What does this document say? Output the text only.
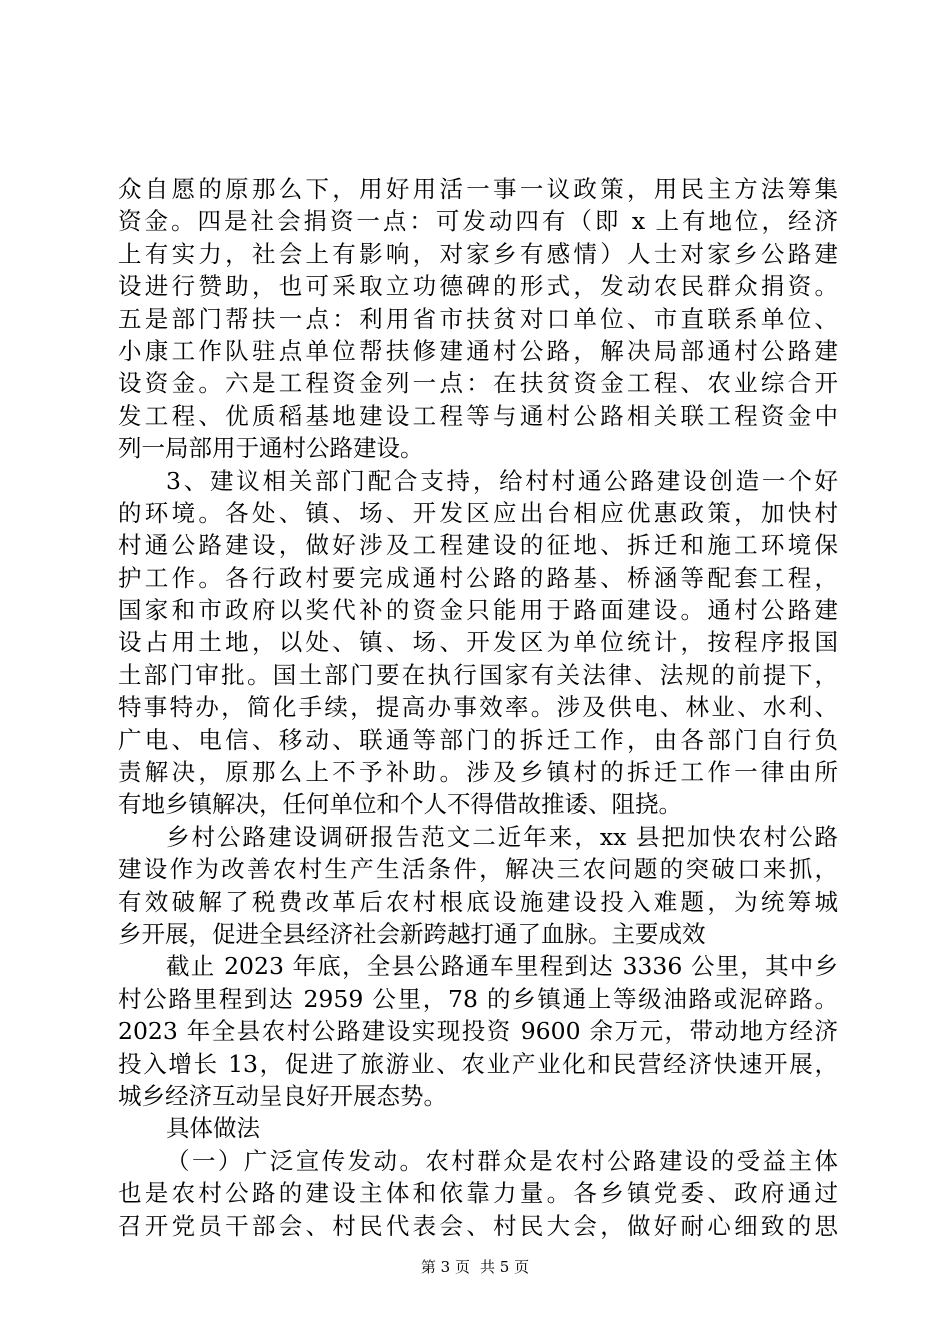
众自愿的原那么下，用好用活一事一议政策，用民主方法筹集
资金。四是社会捐资一点：可发动四有（即 x 上有地位，经济
上有实力，社会上有影响，对家乡有感情）人士对家乡公路建
设进行赞助，也可采取立功德碑的形式，发动农民群众捐资。
五是部门帮扶一点：利用省市扶贫对口单位、市直联系单位、
小康工作队驻点单位帮扶修建通村公路，解决局部通村公路建
设资金。六是工程资金列一点：在扶贫资金工程、农业综合开
发工程、优质稻基地建设工程等与通村公路相关联工程资金中
列一局部用于通村公路建设。
3、建议相关部门配合支持，给村村通公路建设创造一个好
的环境。各处、镇、场、开发区应出台相应优惠政策，加快村
村通公路建设，做好涉及工程建设的征地、拆迁和施工环境保
护工作。各行政村要完成通村公路的路基、桥涵等配套工程，
国家和市政府以奖代补的资金只能用于路面建设。通村公路建
设占用土地，以处、镇、场、开发区为单位统计，按程序报国
土部门审批。国土部门要在执行国家有关法律、法规的前提下，
特事特办，简化手续，提高办事效率。涉及供电、林业、水利、
广电、电信、移动、联通等部门的拆迁工作，由各部门自行负
责解决，原那么上不予补助。涉及乡镇村的拆迁工作一律由所
有地乡镇解决，任何单位和个人不得借故推诿、阻挠。
乡村公路建设调研报告范文二近年来，xx 县把加快农村公路
建设作为改善农村生产生活条件，解决三农问题的突破口来抓，
有效破解了税费改革后农村根底设施建设投入难题，为统筹城
乡开展，促进全县经济社会新跨越打通了血脉。主要成效
截止 2023 年底，全县公路通车里程到达 3336 公里，其中乡
村公路里程到达 2959 公里，78 的乡镇通上等级油路或泥碎路。
2023 年全县农村公路建设实现投资 9600 余万元，带动地方经济
投入增长 13，促进了旅游业、农业产业化和民营经济快速开展，
城乡经济互动呈良好开展态势。
具体做法
（一）广泛宣传发动。农村群众是农村公路建设的受益主体
也是农村公路的建设主体和依靠力量。各乡镇党委、政府通过
召开党员干部会、村民代表会、村民大会，做好耐心细致的思
第 3 页 共 5 页
